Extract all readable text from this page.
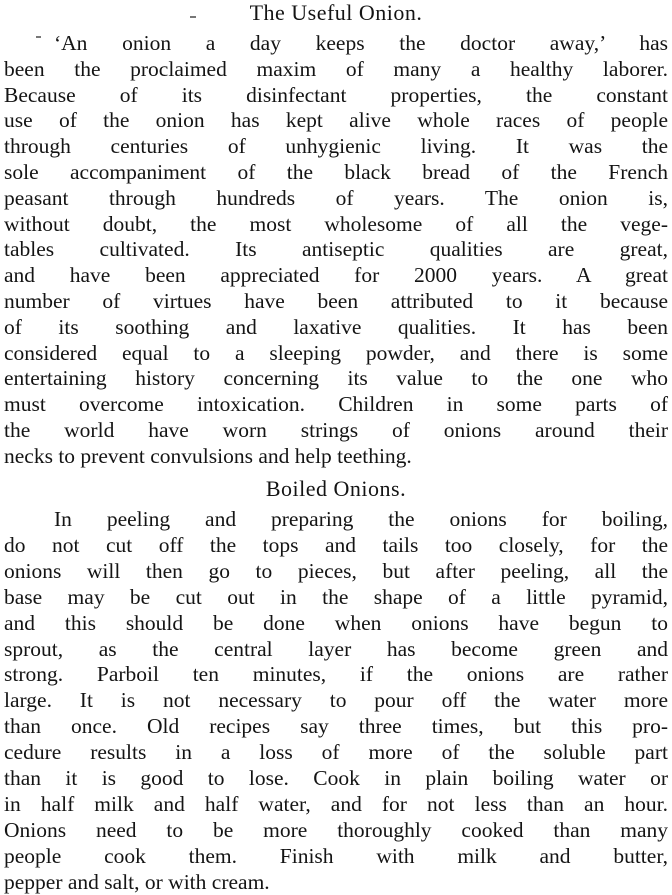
The Useful Onion.
‘An onion a day keeps the doctor away,’ has
been the proclaimed maxim of many a healthy laborer.
Because of its disinfectant properties, the constant
use of the onion has kept alive whole races of people
through centuries of unhygienic living. It was the
sole accompaniment of the black bread of the French
peasant through hundreds of years. The onion is,
without doubt, the most wholesome of all the vege-
tables cultivated. Its antiseptic qualities are great,
and have been appreciated for 2000 years. A great
number of virtues have been attributed to it because
of its soothing and laxative qualities. It has been
considered equal to a sleeping powder, and there is some
entertaining history concerning its value to the one who
must overcome intoxication. Children in some parts of
the world have worn strings of onions around their
necks to prevent convulsions and help teething.
Boiled Onions.
In peeling and preparing the onions for boiling,
do not cut off the tops and tails too closely, for the
onions will then go to pieces, but after peeling, all the
base may be cut out in the shape of a little pyramid,
and this should be done when onions have begun to
sprout, as the central layer has become green and
strong. Parboil ten minutes, if the onions are rather
large. It is not necessary to pour off the water more
than once. Old recipes say three times, but this pro-
cedure results in a loss of more of the soluble part
than it is good to lose. Cook in plain boiling water or
in half milk and half water, and for not less than an hour.
Onions need to be more thoroughly cooked than many
people cook them. Finish with milk and butter,
pepper and salt, or with cream.
